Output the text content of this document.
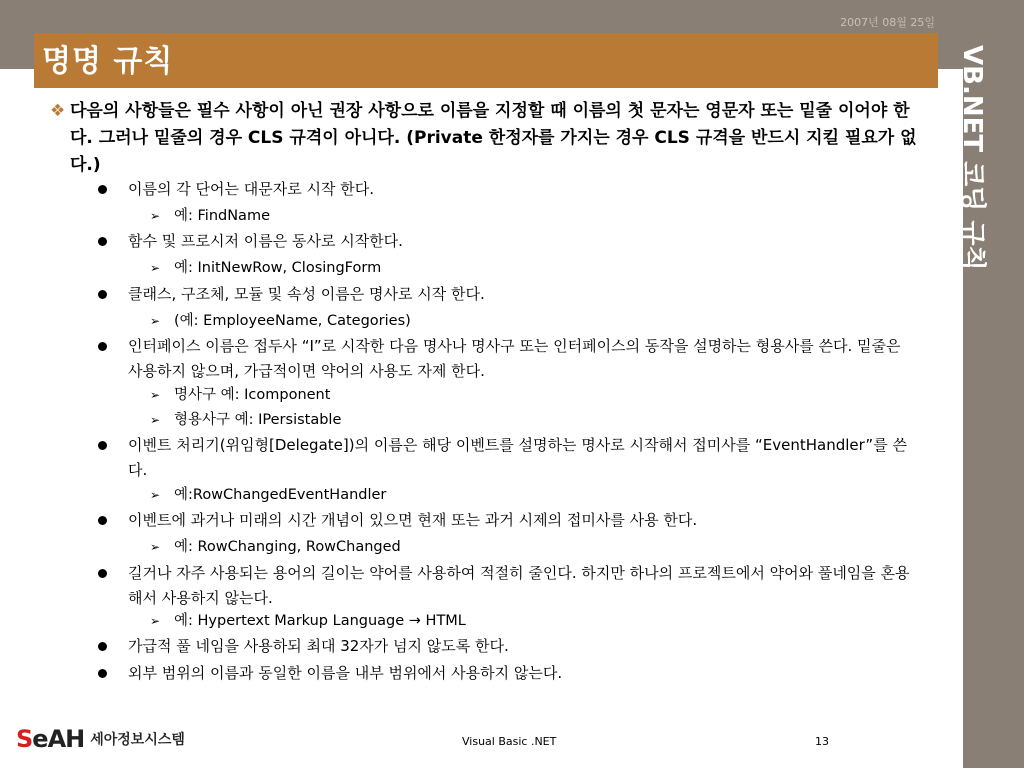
2007년 08월 25일
명명 규칙	VB.NET 코딩 규칙
❖ 다음의 사항들은 필수 사항이 아닌 권장 사항으로 이름을 지정할 때 이름의 첫 문자는 영문자 또는 밑줄 이어야 한다. 그러나 밑줄의 경우 CLS 규격이 아니다. (Private 한정자를 가지는 경우 CLS 규격을 반드시 지킬 필요가 없다.)
이름의 각 단어는 대문자로 시작 한다.
➢ 예: FindName
함수 및 프로시저 이름은 동사로 시작한다.
➢ 예: InitNewRow, ClosingForm
클래스, 구조체, 모듈 및 속성 이름은 명사로 시작 한다.
➢ (예: EmployeeName, Categories)
인터페이스 이름은 접두사 “I”로 시작한 다음 명사나 명사구 또는 인터페이스의 동작을 설명하는 형용사를 쓴다. 밑줄은 사용하지 않으며, 가급적이면 약어의 사용도 자제 한다.
➢ 명사구 예: Icomponent
➢ 형용사구 예: IPersistable
이벤트 처리기(위임형[Delegate])의 이름은 해당 이벤트를 설명하는 명사로 시작해서 접미사를 “EventHandler”를 쓴다.
➢ 예:RowChangedEventHandler
이벤트에 과거나 미래의 시간 개념이 있으면 현재 또는 과거 시제의 접미사를 사용 한다.
➢ 예: RowChanging, RowChanged
길거나 자주 사용되는 용어의 길이는 약어를 사용하여 적절히 줄인다. 하지만 하나의 프로젝트에서 약어와 풀네임을 혼용해서 사용하지 않는다.
➢ 예: Hypertext Markup Language → HTML
가급적 풀 네임을 사용하되 최대 32자가 넘지 않도록 한다.
외부 범위의 이름과 동일한 이름을 내부 범위에서 사용하지 않는다.
SeAH 세아정보시스템	Visual Basic .NET	13
